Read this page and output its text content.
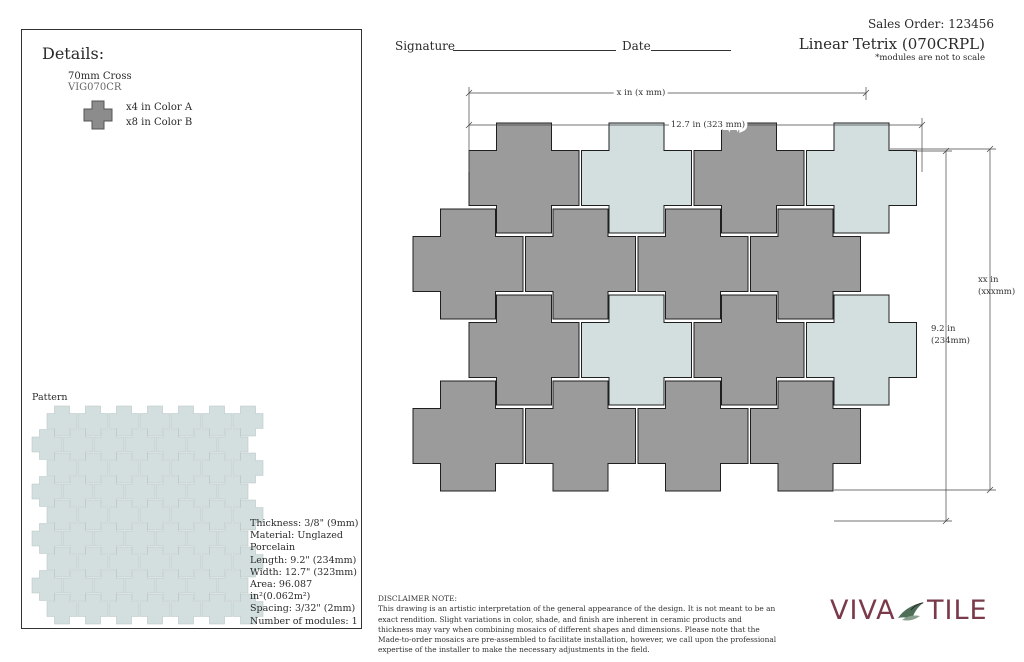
Details:
70mm Cross
VIG070CR
x4 in Color A
x8 in Color B
Pattern
Thickness: 3/8" (9mm)
Material: Unglazed
Porcelain
Length: 9.2" (234mm)
Width: 12.7" (323mm)
Area: 96.087 in²(0.062m²)
Spacing: 3/32" (2mm)
Number of modules: 1
Signature	Date
Sales Order: 123456
Linear Tetrix (070CRPL)
*modules are not to scale
x in (x mm)
12.7 in (323 mm)
xx in
(xxxmm)
9.2 in
(234mm)
DISCLAIMER NOTE:
This drawing is an artistic interpretation of the general appearance of the design. It is not meant to be an exact rendition. Slight variations in color, shade, and finish are inherent in ceramic products and thickness may vary when combining mosaics of different shapes and dimensions. Please note that the Made-to-order mosaics are pre-assembled to facilitate installation, however, we call upon the professional expertise of the installer to make the necessary adjustments in the field.
VIVA TILE
